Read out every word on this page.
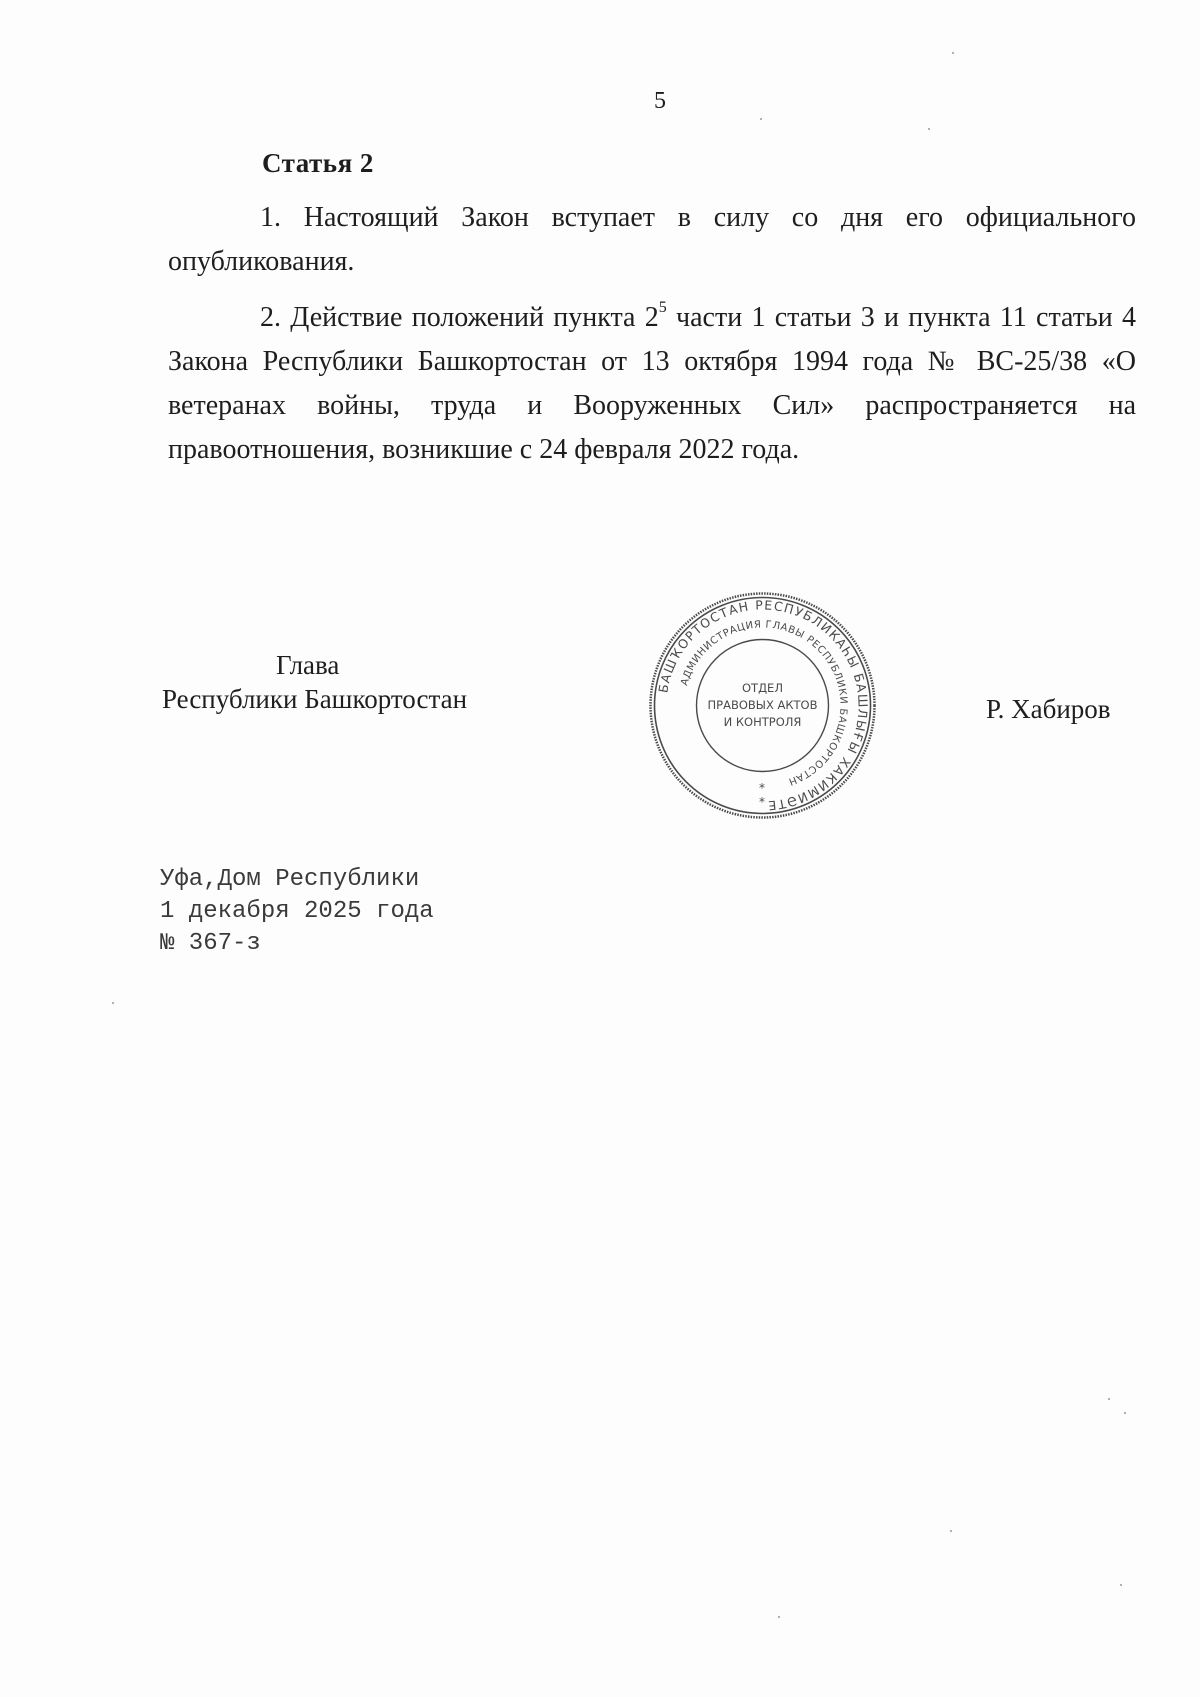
5
Статья 2
1. Настоящий Закон вступает в силу со дня его официального опубликования.
2. Действие положений пункта $2^5$ части 1 статьи 3 и пункта 11 статьи 4 Закона Республики Башкортостан от 13 октября 1994 года № ВС-25/38 «О ветеранах войны, труда и Вооруженных Сил» распространяется на правоотношения, возникшие с 24 февраля 2022 года.
Глава
Республики Башкортостан	БАШҠОРТОСТАН РЕСПУБЛИКАҺЫ БАШЛЫҒЫ ХАКИМИӘТЕ
АДМИНИСТРАЦИЯ ГЛАВЫ РЕСПУБЛИКИ БАШКОРТОСТАН
ОТДЕЛ
ПРАВОВЫХ АКТОВ
И КОНТРОЛЯ
*
*
Р. Хабиров
Уфа,Дом Республики
1 декабря 2025 года
№ 367-з
